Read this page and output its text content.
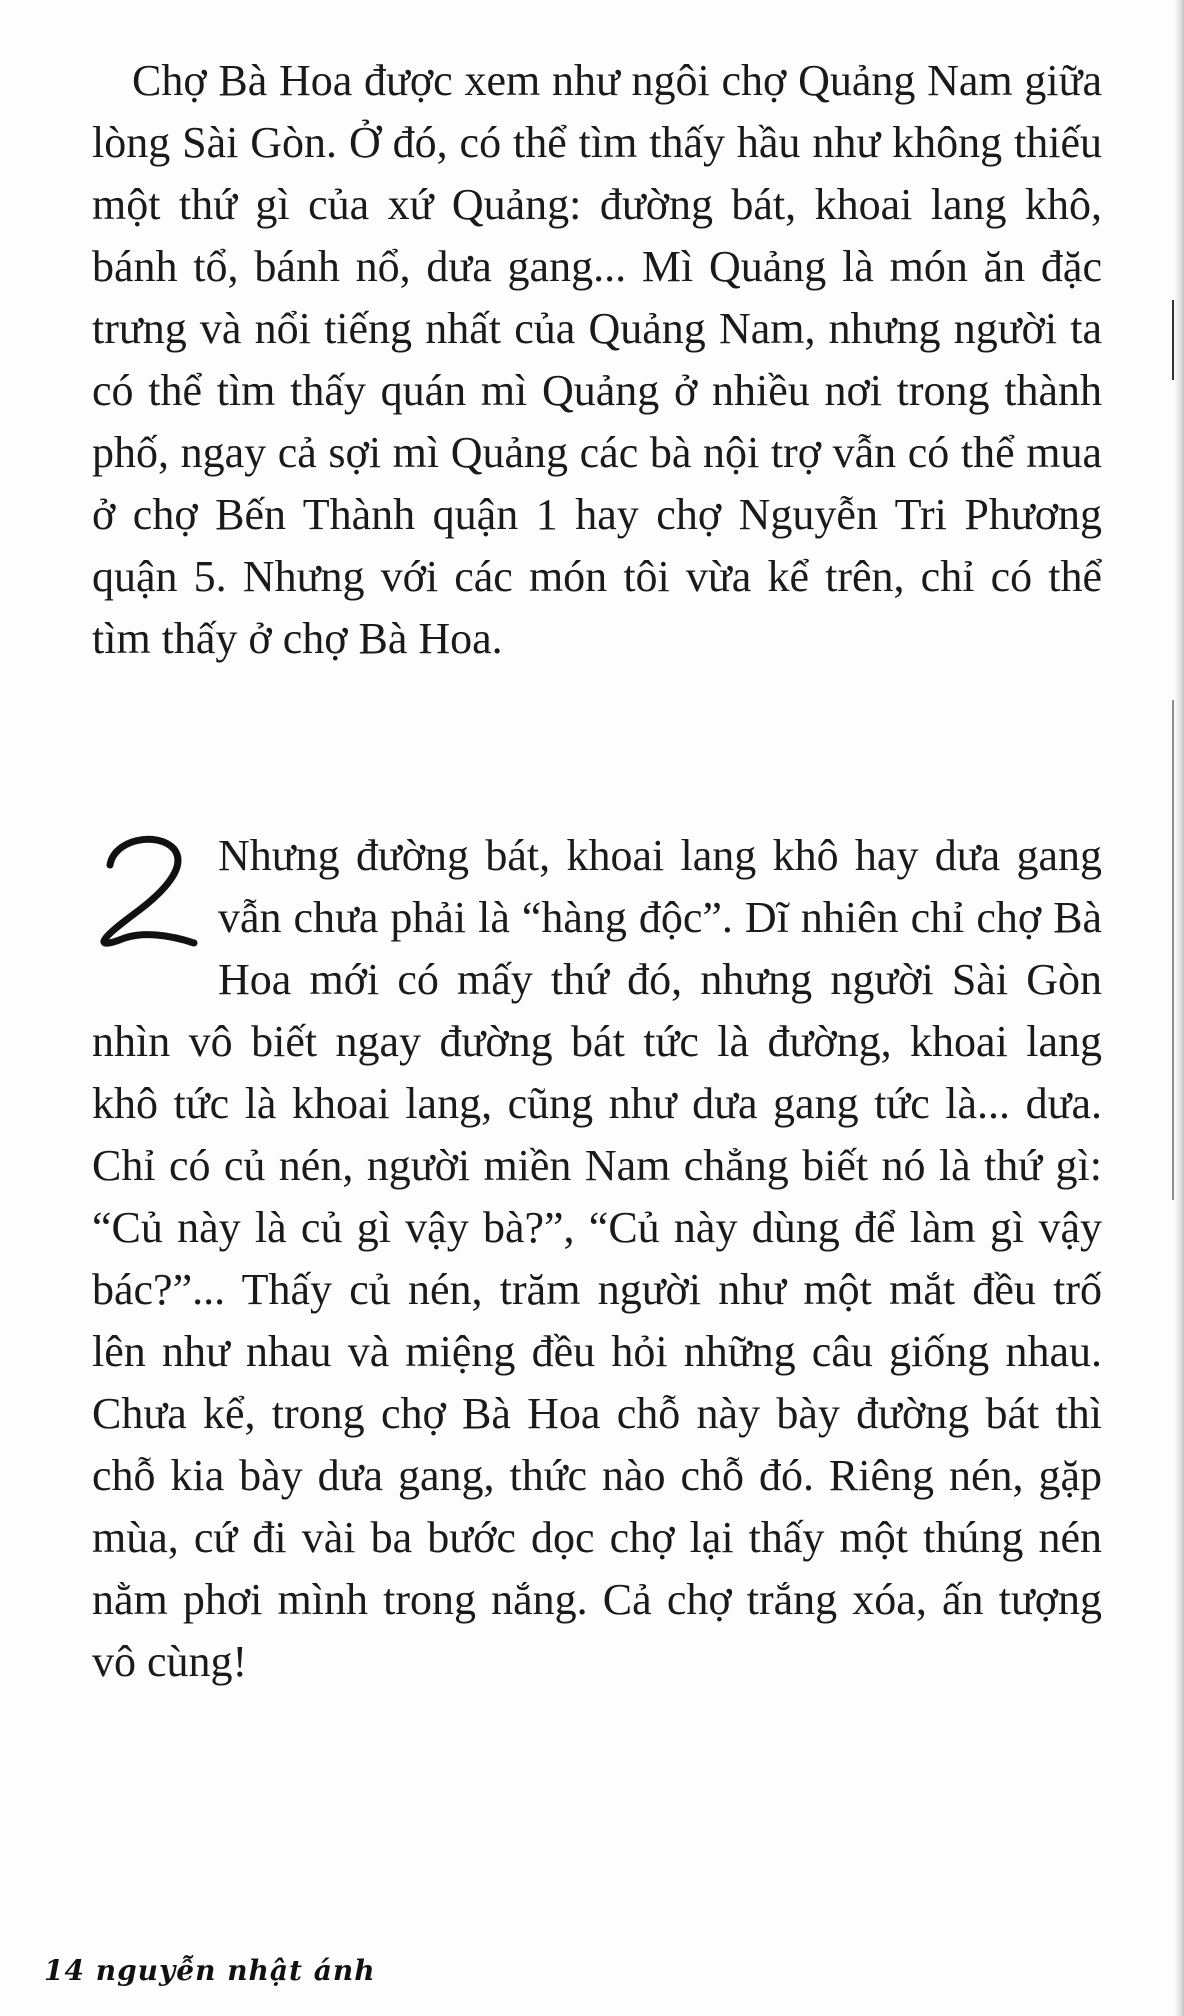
Chợ Bà Hoa được xem như ngôi chợ Quảng Nam giữa lòng Sài Gòn. Ở đó, có thể tìm thấy hầu như không thiếu một thứ gì của xứ Quảng: đường bát, khoai lang khô, bánh tổ, bánh nổ, dưa gang... Mì Quảng là món ăn đặc trưng và nổi tiếng nhất của Quảng Nam, nhưng người ta có thể tìm thấy quán mì Quảng ở nhiều nơi trong thành phố, ngay cả sợi mì Quảng các bà nội trợ vẫn có thể mua ở chợ Bến Thành quận 1 hay chợ Nguyễn Tri Phương quận 5. Nhưng với các món tôi vừa kể trên, chỉ có thể tìm thấy ở chợ Bà Hoa.

Nhưng đường bát, khoai lang khô hay dưa gang vẫn chưa phải là “hàng độc”. Dĩ nhiên chỉ chợ Bà Hoa mới có mấy thứ đó, nhưng người Sài Gòn nhìn vô biết ngay đường bát tức là đường, khoai lang khô tức là khoai lang, cũng như dưa gang tức là... dưa. Chỉ có củ nén, người miền Nam chẳng biết nó là thứ gì: “Củ này là củ gì vậy bà?”, “Củ này dùng để làm gì vậy bác?”... Thấy củ nén, trăm người như một mắt đều trố lên như nhau và miệng đều hỏi những câu giống nhau. Chưa kể, trong chợ Bà Hoa chỗ này bày đường bát thì chỗ kia bày dưa gang, thức nào chỗ đó. Riêng nén, gặp mùa, cứ đi vài ba bước dọc chợ lại thấy một thúng nén nằm phơi mình trong nắng. Cả chợ trắng xóa, ấn tượng vô cùng!
14 nguyễn nhật ánh
